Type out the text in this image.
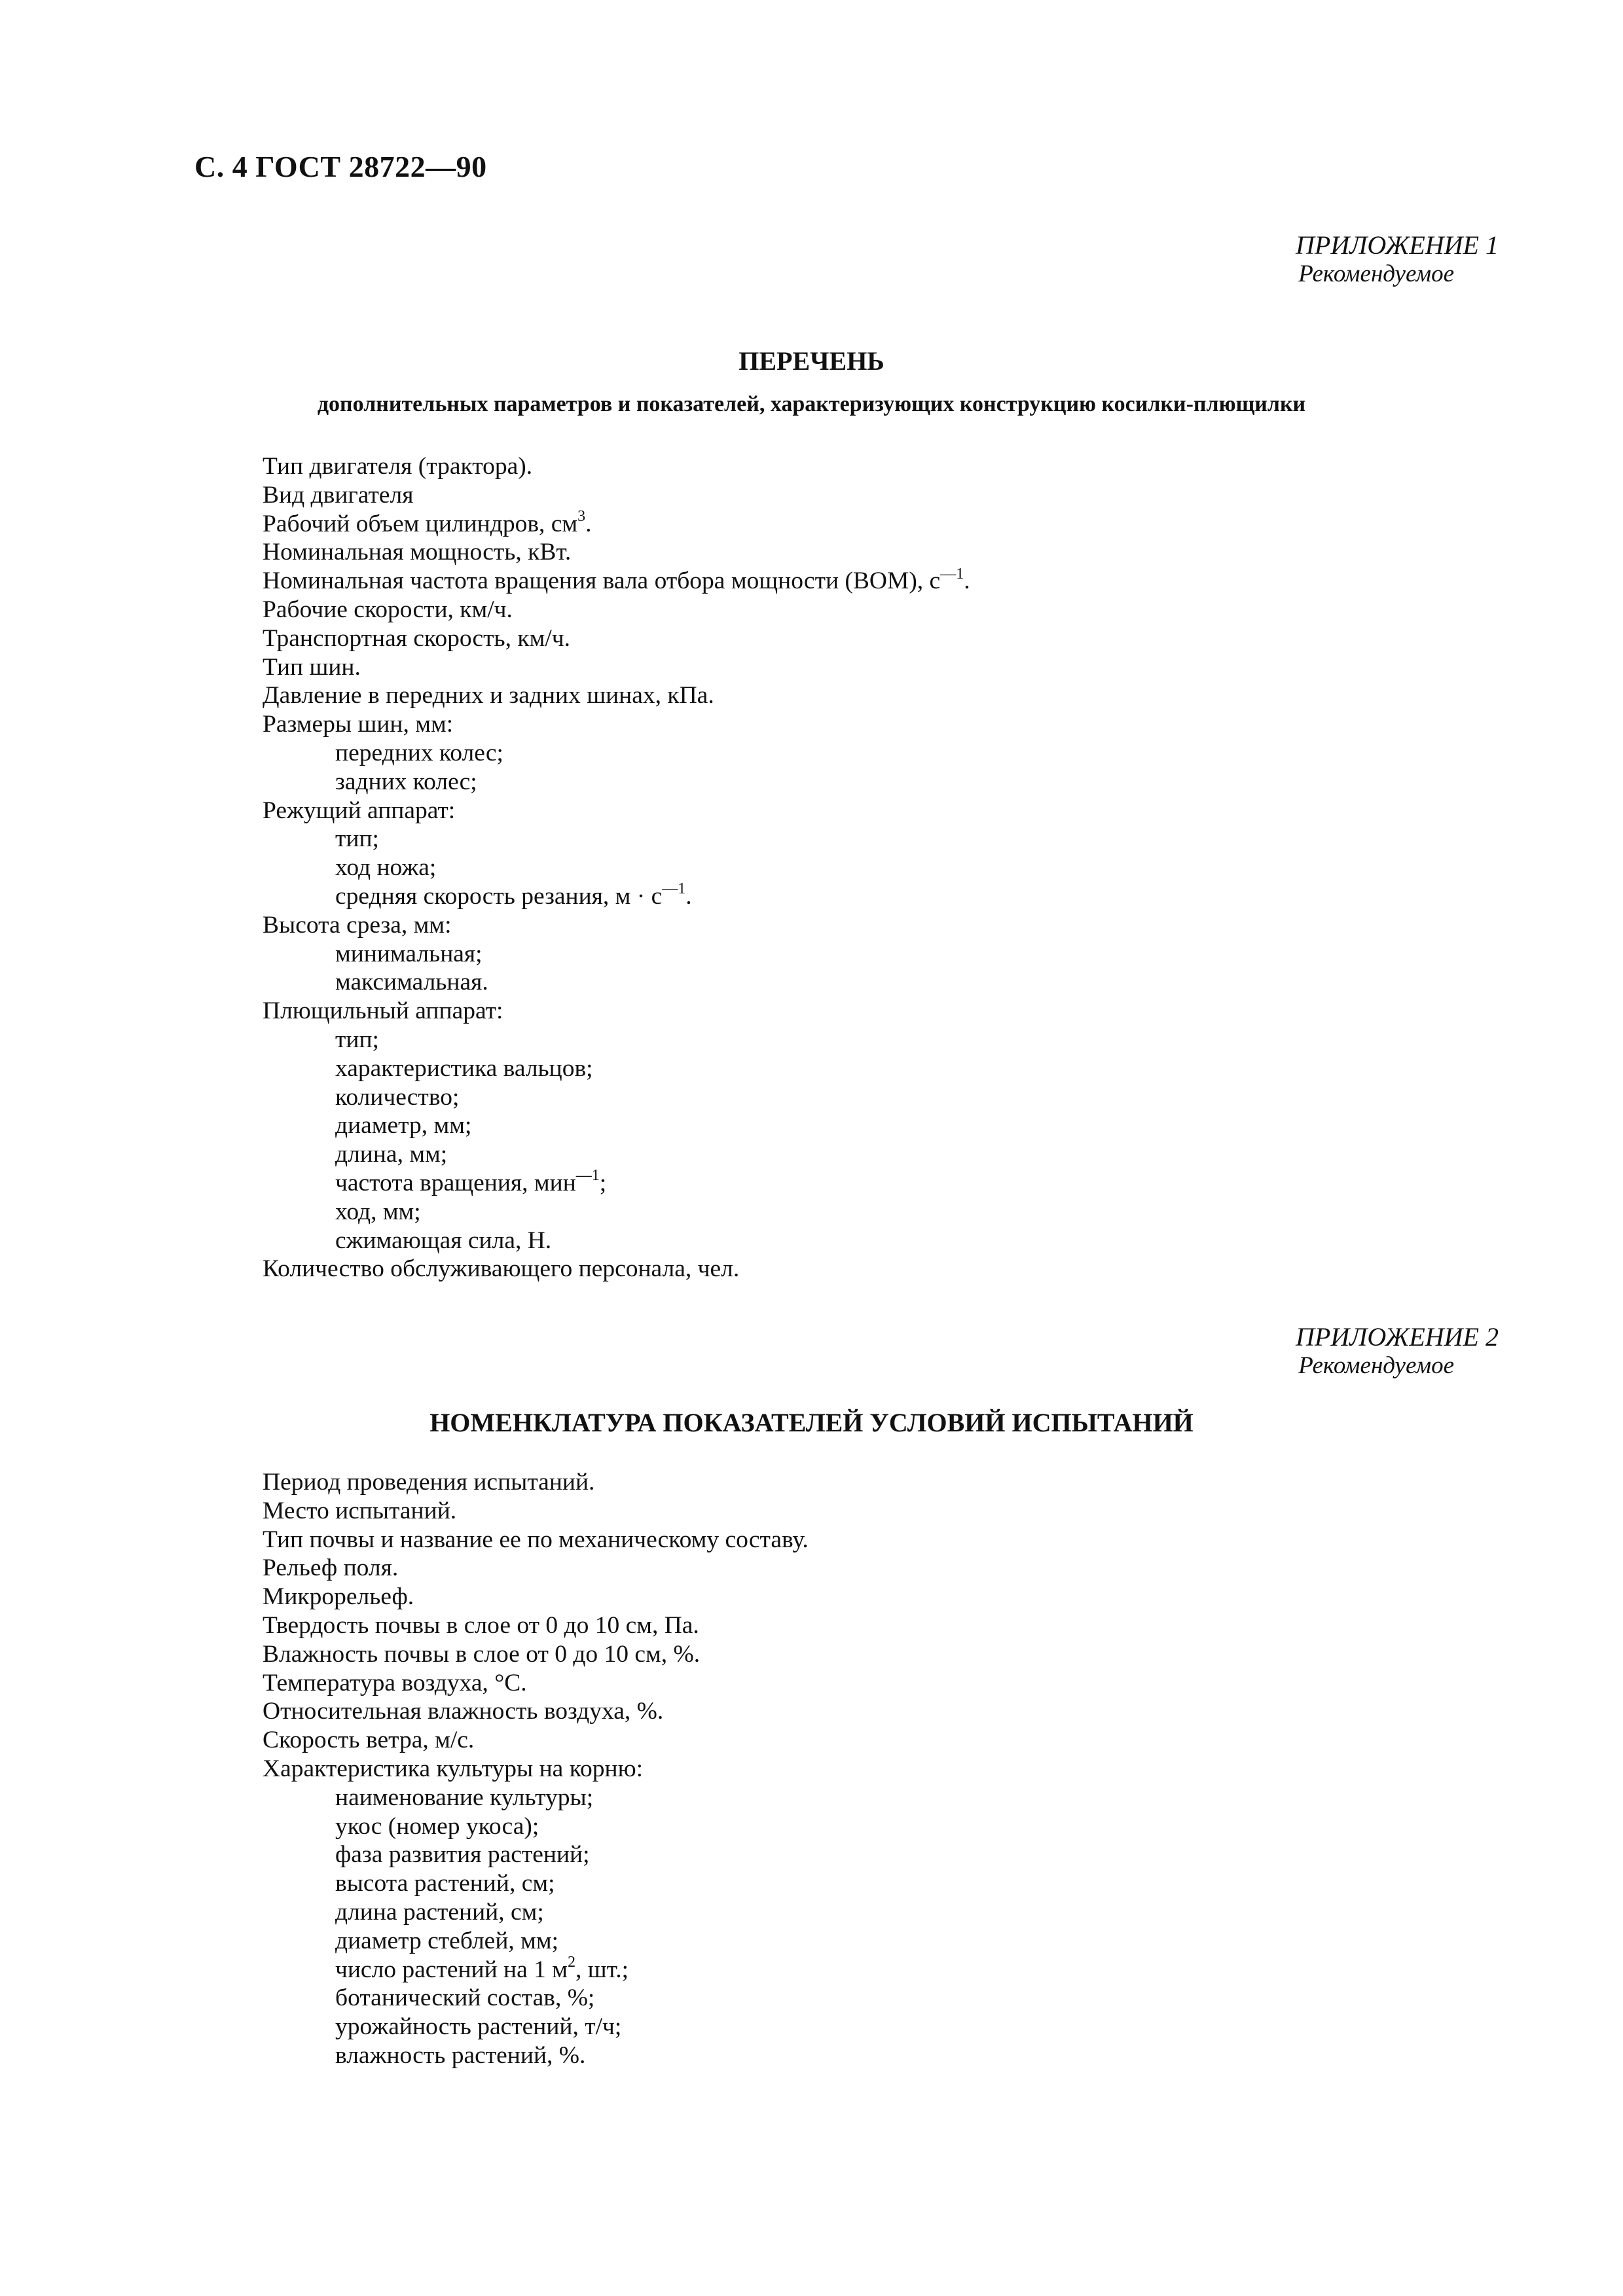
С. 4 ГОСТ 28722—90
ПРИЛОЖЕНИЕ 1
Рекомендуемое
ПЕРЕЧЕНЬ
дополнительных параметров и показателей, характеризующих конструкцию косилки-плющилки
Тип двигателя (трактора).
Вид двигателя
Рабочий объем цилиндров, $см^3$.
Номинальная мощность, кВт.
Номинальная частота вращения вала отбора мощности (ВОМ), $с^{—1}$.
Рабочие скорости, км/ч.
Транспортная скорость, км/ч.
Тип шин.
Давление в передних и задних шинах, кПа.
Размеры шин, мм:
передних колес;
задних колес;
Режущий аппарат:
тип;
ход ножа;
средняя скорость резания, $м \cdot с^{—1}$.
Высота среза, мм:
минимальная;
максимальная.
Плющильный аппарат:
тип;
характеристика вальцов;
количество;
диаметр, мм;
длина, мм;
частота вращения, мин$^{—1}$;
ход, мм;
сжимающая сила, Н.
Количество обслуживающего персонала, чел.
ПРИЛОЖЕНИЕ 2
Рекомендуемое
НОМЕНКЛАТУРА ПОКАЗАТЕЛЕЙ УСЛОВИЙ ИСПЫТАНИЙ
Период проведения испытаний.
Место испытаний.
Тип почвы и название ее по механическому составу.
Рельеф поля.
Микрорельеф.
Твердость почвы в слое от 0 до 10 см, Па.
Влажность почвы в слое от 0 до 10 см, %.
Температура воздуха, °С.
Относительная влажность воздуха, %.
Скорость ветра, м/с.
Характеристика культуры на корню:
наименование культуры;
укос (номер укоса);
фаза развития растений;
высота растений, см;
длина растений, см;
диаметр стеблей, мм;
число растений на 1 $м^2$, шт.;
ботанический состав, %;
урожайность растений, т/ч;
влажность растений, %.
